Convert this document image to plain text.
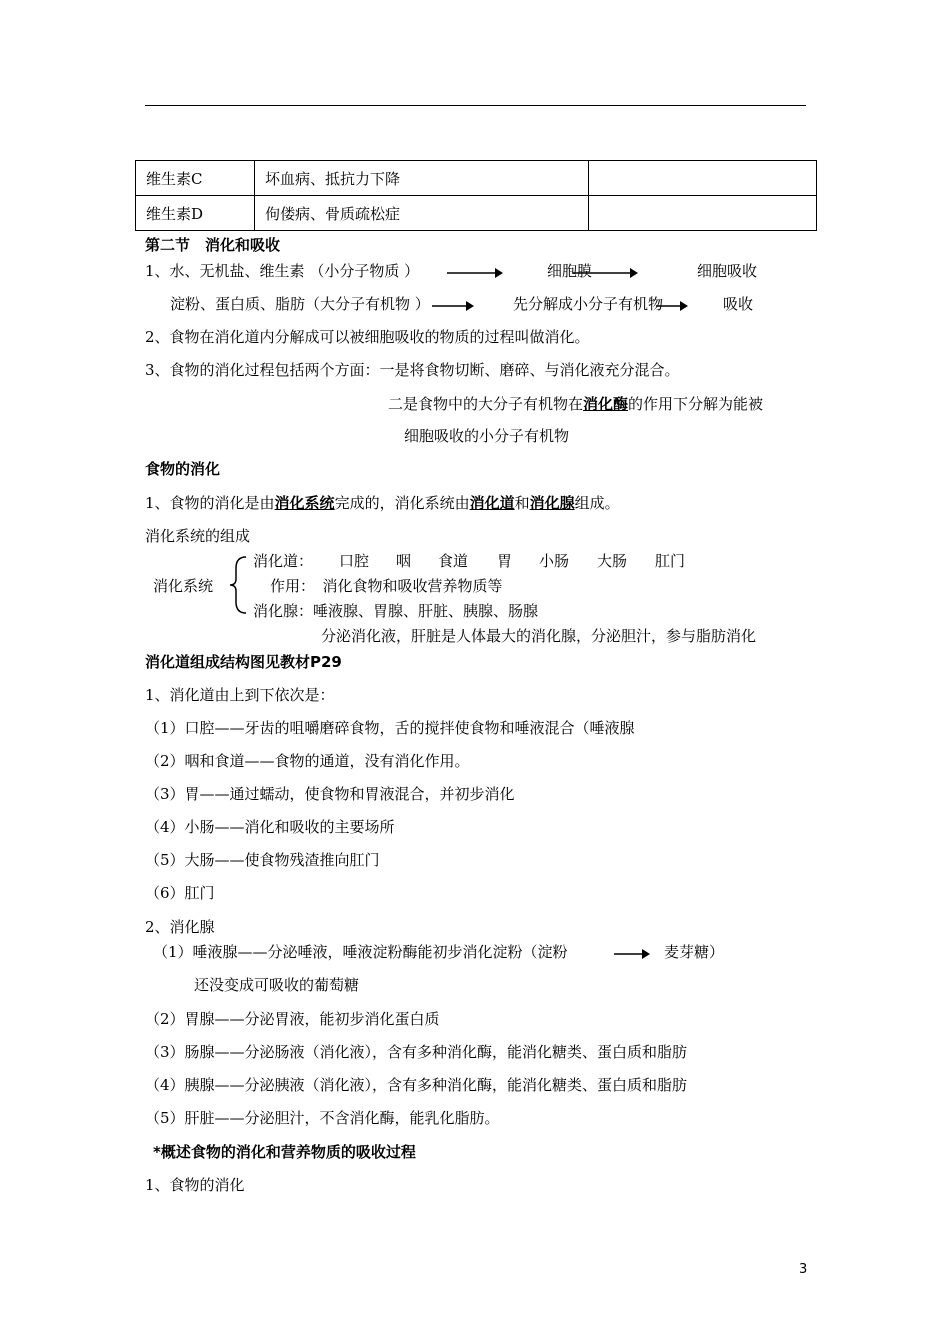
维生素C	坏血病、抵抗力下降	
维生素D	佝偻病、骨质疏松症	
第二节　消化和吸收
1、水、无机盐、维生素 （小分子物质 ）	细胞膜	细胞吸收
淀粉、蛋白质、脂肪（大分子有机物 ）	先分解成小分子有机物	吸收
2、食物在消化道内分解成可以被细胞吸收的物质的过程叫做消化。
3、食物的消化过程包括两个方面：一是将食物切断、磨碎、与消化液充分混合。
二是食物中的大分子有机物在消化酶的作用下分解为能被
细胞吸收的小分子有机物
食物的消化
1、食物的消化是由消化系统完成的，消化系统由消化道和消化腺组成。
消化系统的组成
消化系统
消化道： 口腔 咽 食道 胃 小肠 大肠 肛门
作用：　消化食物和吸收营养物质等
消化腺：唾液腺、胃腺、肝脏、胰腺、肠腺
分泌消化液，肝脏是人体最大的消化腺，分泌胆汁，参与脂肪消化
消化道组成结构图见教材P29
1、消化道由上到下依次是：
（1）口腔——牙齿的咀嚼磨碎食物，舌的搅拌使食物和唾液混合（唾液腺
（2）咽和食道——食物的通道，没有消化作用。
（3）胃——通过蠕动，使食物和胃液混合，并初步消化
（4）小肠——消化和吸收的主要场所
（5）大肠——使食物残渣推向肛门
（6）肛门
2、消化腺
（1）唾液腺——分泌唾液，唾液淀粉酶能初步消化淀粉（淀粉	麦芽糖）
还没变成可吸收的葡萄糖
（2）胃腺——分泌胃液，能初步消化蛋白质
（3）肠腺——分泌肠液（消化液），含有多种消化酶，能消化糖类、蛋白质和脂肪
（4）胰腺——分泌胰液（消化液），含有多种消化酶，能消化糖类、蛋白质和脂肪
（5）肝脏——分泌胆汁，不含消化酶，能乳化脂肪。
*概述食物的消化和营养物质的吸收过程
1、食物的消化
3
